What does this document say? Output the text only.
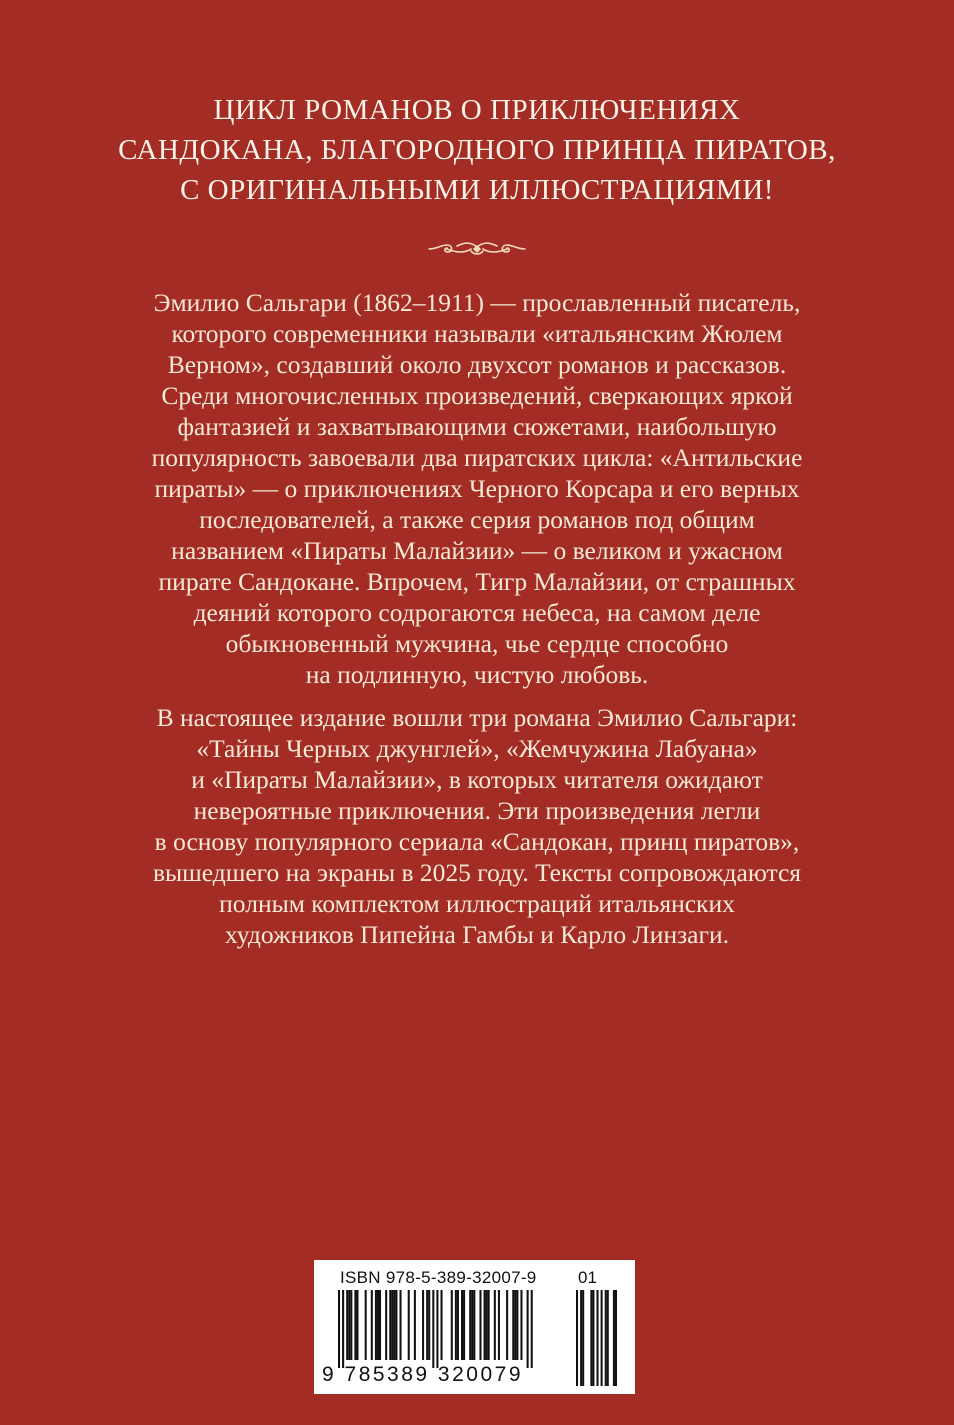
ЦИКЛ РОМАНОВ О ПРИКЛЮЧЕНИЯХ
САНДОКАНА, БЛАГОРОДНОГО ПРИНЦА ПИРАТОВ,
С ОРИГИНАЛЬНЫМИ ИЛЛЮСТРАЦИЯМИ!

Эмилио Сальгари (1862–1911) — прославленный писатель,
которого современники называли «итальянским Жюлем
Верном», создавший около двухсот романов и рассказов.
Среди многочисленных произведений, сверкающих яркой
фантазией и захватывающими сюжетами, наибольшую
популярность завоевали два пиратских цикла: «Антильские
пираты» — о приключениях Черного Корсара и его верных
последователей, а также серия романов под общим
названием «Пираты Малайзии» — о великом и ужасном
пирате Сандокане. Впрочем, Тигр Малайзии, от страшных
деяний которого содрогаются небеса, на самом деле
обыкновенный мужчина, чье сердце способно
на подлинную, чистую любовь.

В настоящее издание вошли три романа Эмилио Сальгари:
«Тайны Черных джунглей», «Жемчужина Лабуана»
и «Пираты Малайзии», в которых читателя ожидают
невероятные приключения. Эти произведения легли
в основу популярного сериала «Сандокан, принц пиратов»,
вышедшего на экраны в 2025 году. Тексты сопровождаются
полным комплектом иллюстраций итальянских
художников Пипейна Гамбы и Карло Линзаги.

ISBN 978-5-389-32007-9 01
9 785389 320079
